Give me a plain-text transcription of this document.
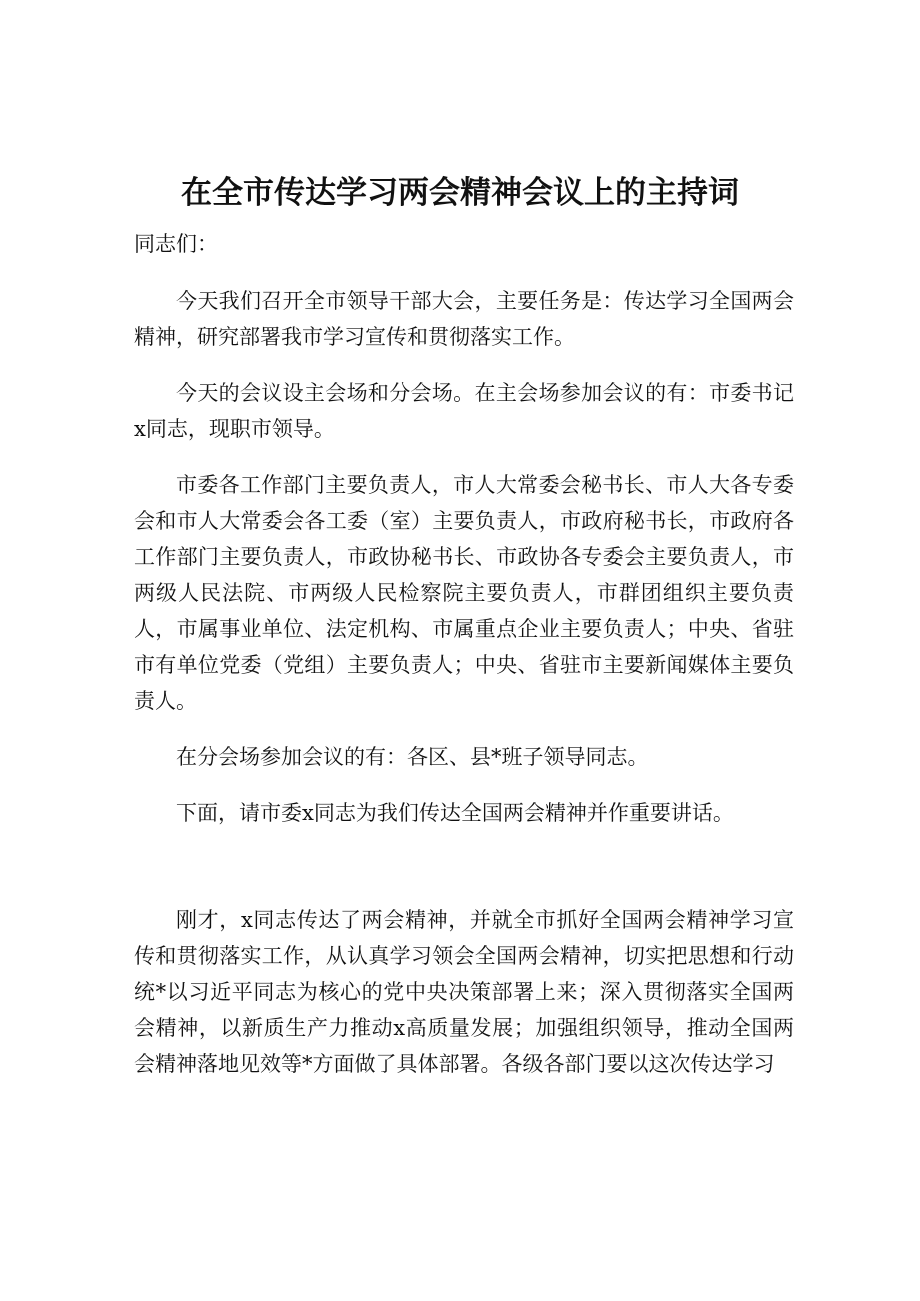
在全市传达学习两会精神会议上的主持词

同志们：

今天我们召开全市领导干部大会，主要任务是：传达学习全国两会精神，研究部署我市学习宣传和贯彻落实工作。

今天的会议设主会场和分会场。在主会场参加会议的有：市委书记x同志，现职市领导。

市委各工作部门主要负责人，市人大常委会秘书长、市人大各专委会和市人大常委会各工委（室）主要负责人，市政府秘书长，市政府各工作部门主要负责人，市政协秘书长、市政协各专委会主要负责人，市两级人民法院、市两级人民检察院主要负责人，市群团组织主要负责人，市属事业单位、法定机构、市属重点企业主要负责人；中央、省驻市有单位党委（党组）主要负责人；中央、省驻市主要新闻媒体主要负责人。

在分会场参加会议的有：各区、县*班子领导同志。

下面，请市委x同志为我们传达全国两会精神并作重要讲话。

刚才，x同志传达了两会精神，并就全市抓好全国两会精神学习宣传和贯彻落实工作，从认真学习领会全国两会精神，切实把思想和行动统*以习近平同志为核心的党中央决策部署上来；深入贯彻落实全国两会精神，以新质生产力推动x高质量发展；加强组织领导，推动全国两会精神落地见效等*方面做了具体部署。各级各部门要以这次传达学习
